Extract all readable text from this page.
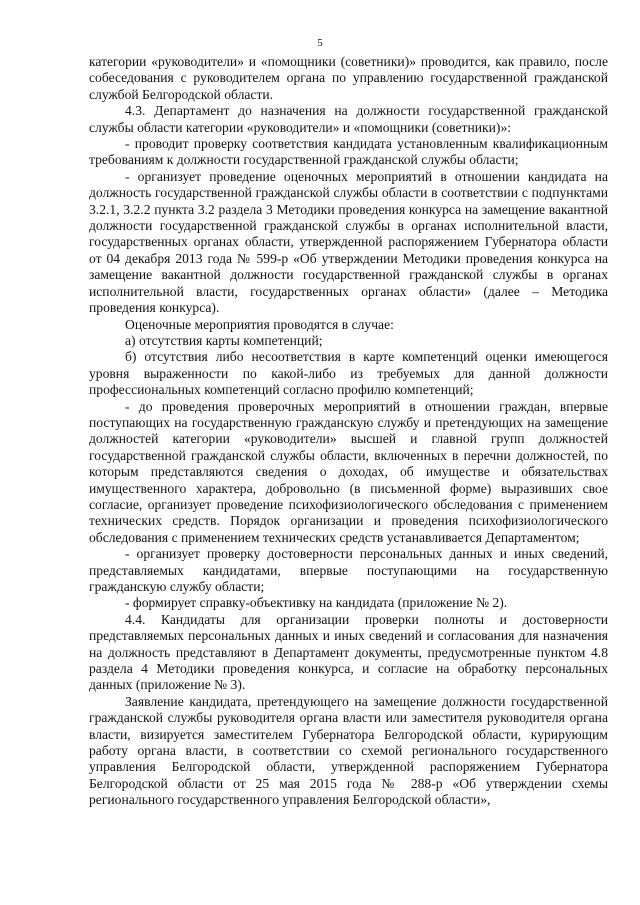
5

категории «руководители» и «помощники (советники)» проводится, как правило, после собеседования с руководителем органа по управлению государственной гражданской службой Белгородской области.

4.3. Департамент до назначения на должности государственной гражданской службы области категории «руководители» и «помощники (советники)»:

- проводит проверку соответствия кандидата установленным квалификационным требованиям к должности государственной гражданской службы области;

- организует проведение оценочных мероприятий в отношении кандидата на должность государственной гражданской службы области в соответствии с подпунктами 3.2.1, 3.2.2 пункта 3.2 раздела 3 Методики проведения конкурса на замещение вакантной должности государственной гражданской службы в органах исполнительной власти, государственных органах области, утвержденной распоряжением Губернатора области от 04 декабря 2013 года № 599-р «Об утверждении Методики проведения конкурса на замещение вакантной должности государственной гражданской службы в органах исполнительной власти, государственных органах области» (далее – Методика проведения конкурса).

Оценочные мероприятия проводятся в случае:

а) отсутствия карты компетенций;

б) отсутствия либо несоответствия в карте компетенций оценки имеющегося уровня выраженности по какой-либо из требуемых для данной должности профессиональных компетенций согласно профилю компетенций;

- до проведения проверочных мероприятий в отношении граждан, впервые поступающих на государственную гражданскую службу и претендующих на замещение должностей категории «руководители» высшей и главной групп должностей государственной гражданской службы области, включенных в перечни должностей, по которым представляются сведения о доходах, об имуществе и обязательствах имущественного характера, добровольно (в письменной форме) выразивших свое согласие, организует проведение психофизиологического обследования с применением технических средств. Порядок организации и проведения психофизиологического обследования с применением технических средств устанавливается Департаментом;

- организует проверку достоверности персональных данных и иных сведений, представляемых кандидатами, впервые поступающими на государственную гражданскую службу области;

- формирует справку-объективку на кандидата (приложение № 2).

4.4. Кандидаты для организации проверки полноты и достоверности представляемых персональных данных и иных сведений и согласования для назначения на должность представляют в Департамент документы, предусмотренные пунктом 4.8 раздела 4 Методики проведения конкурса, и согласие на обработку персональных данных (приложение № 3).

Заявление кандидата, претендующего на замещение должности государственной гражданской службы руководителя органа власти или заместителя руководителя органа власти, визируется заместителем Губернатора Белгородской области, курирующим работу органа власти, в соответствии со схемой регионального государственного управления Белгородской области, утвержденной распоряжением Губернатора Белгородской области от 25 мая 2015 года № 288-р «Об утверждении схемы регионального государственного управления Белгородской области»,
